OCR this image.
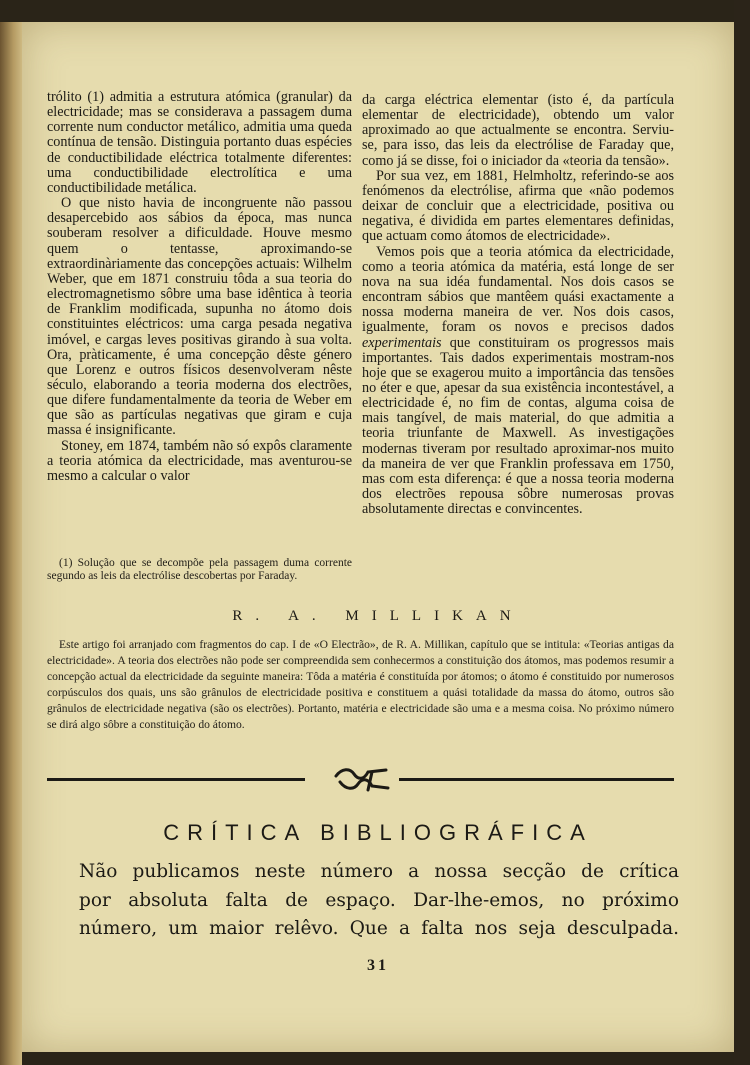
trólito (1) admitia a estrutura atómica (granular) da electricidade; mas se considerava a passagem duma corrente num conductor metálico, admitia uma queda contínua de tensão. Distinguia portanto duas espécies de conductibilidade eléctrica totalmente diferentes: uma conductibilidade electrolítica e uma conductibilidade metálica.

O que nisto havia de incongruente não passou desapercebido aos sábios da época, mas nunca souberam resolver a dificuldade. Houve mesmo quem o tentasse, aproximando-se extraordinàriamente das concepções actuais: Wilhelm Weber, que em 1871 construiu tôda a sua teoria do electromagnetismo sôbre uma base idêntica à teoria de Franklim modificada, supunha no átomo dois constituintes eléctricos: uma carga pesada negativa imóvel, e cargas leves positivas girando à sua volta. Ora, pràticamente, é uma concepção dêste género que Lorenz e outros físicos desenvolveram nêste século, elaborando a teoria moderna dos electrões, que difere fundamentalmente da teoria de Weber em que são as partículas negativas que giram e cuja massa é insignificante.

Stoney, em 1874, também não só expôs claramente a teoria atómica da electricidade, mas aventurou-se mesmo a calcular o valor

(1) Solução que se decompõe pela passagem duma corrente segundo as leis da electrólise descobertas por Faraday.

da carga eléctrica elementar (isto é, da partícula elementar de electricidade), obtendo um valor aproximado ao que actualmente se encontra. Serviu-se, para isso, das leis da electrólise de Faraday que, como já se disse, foi o iniciador da «teoria da tensão».

Por sua vez, em 1881, Helmholtz, referindo-se aos fenómenos da electrólise, afirma que «não podemos deixar de concluir que a electricidade, positiva ou negativa, é dividida em partes elementares definidas, que actuam como átomos de electricidade».

Vemos pois que a teoria atómica da electricidade, como a teoria atómica da matéria, está longe de ser nova na sua idéa fundamental. Nos dois casos se encontram sábios que mantêem quási exactamente a nossa moderna maneira de ver. Nos dois casos, igualmente, foram os novos e precisos dados experimentais que constituiram os progressos mais importantes. Tais dados experimentais mostram-nos hoje que se exagerou muito a importância das tensões no éter e que, apesar da sua existência incontestável, a electricidade é, no fim de contas, alguma coisa de mais tangível, de mais material, do que admitia a teoria triunfante de Maxwell. As investigações modernas tiveram por resultado aproximar-nos muito da maneira de ver que Franklin professava em 1750, mas com esta diferença: é que a nossa teoria moderna dos electrões repousa sôbre numerosas provas absolutamente directas e convincentes.

R. A. MILLIKAN

Este artigo foi arranjado com fragmentos do cap. I de «O Electrão», de R. A. Millikan, capítulo que se intitula: «Teorias antigas da electricidade». A teoria dos electrões não pode ser compreendida sem conhecermos a constituição dos átomos, mas podemos resumir a concepção actual da electricidade da seguinte maneira: Tôda a matéria é constituída por átomos; o átomo é constituido por numerosos corpúsculos dos quais, uns são grânulos de electricidade positiva e constituem a quási totalidade da massa do átomo, outros são grânulos de electricidade negativa (são os electrões). Portanto, matéria e electricidade são uma e a mesma coisa. No próximo número se dirá algo sôbre a constituição do átomo.

CRÍTICA BIBLIOGRÁFICA

Não publicamos neste número a nossa secção de crítica

por absoluta falta de espaço. Dar-lhe-emos, no próximo

número, um maior relêvo. Que a falta nos seja desculpada.

31
